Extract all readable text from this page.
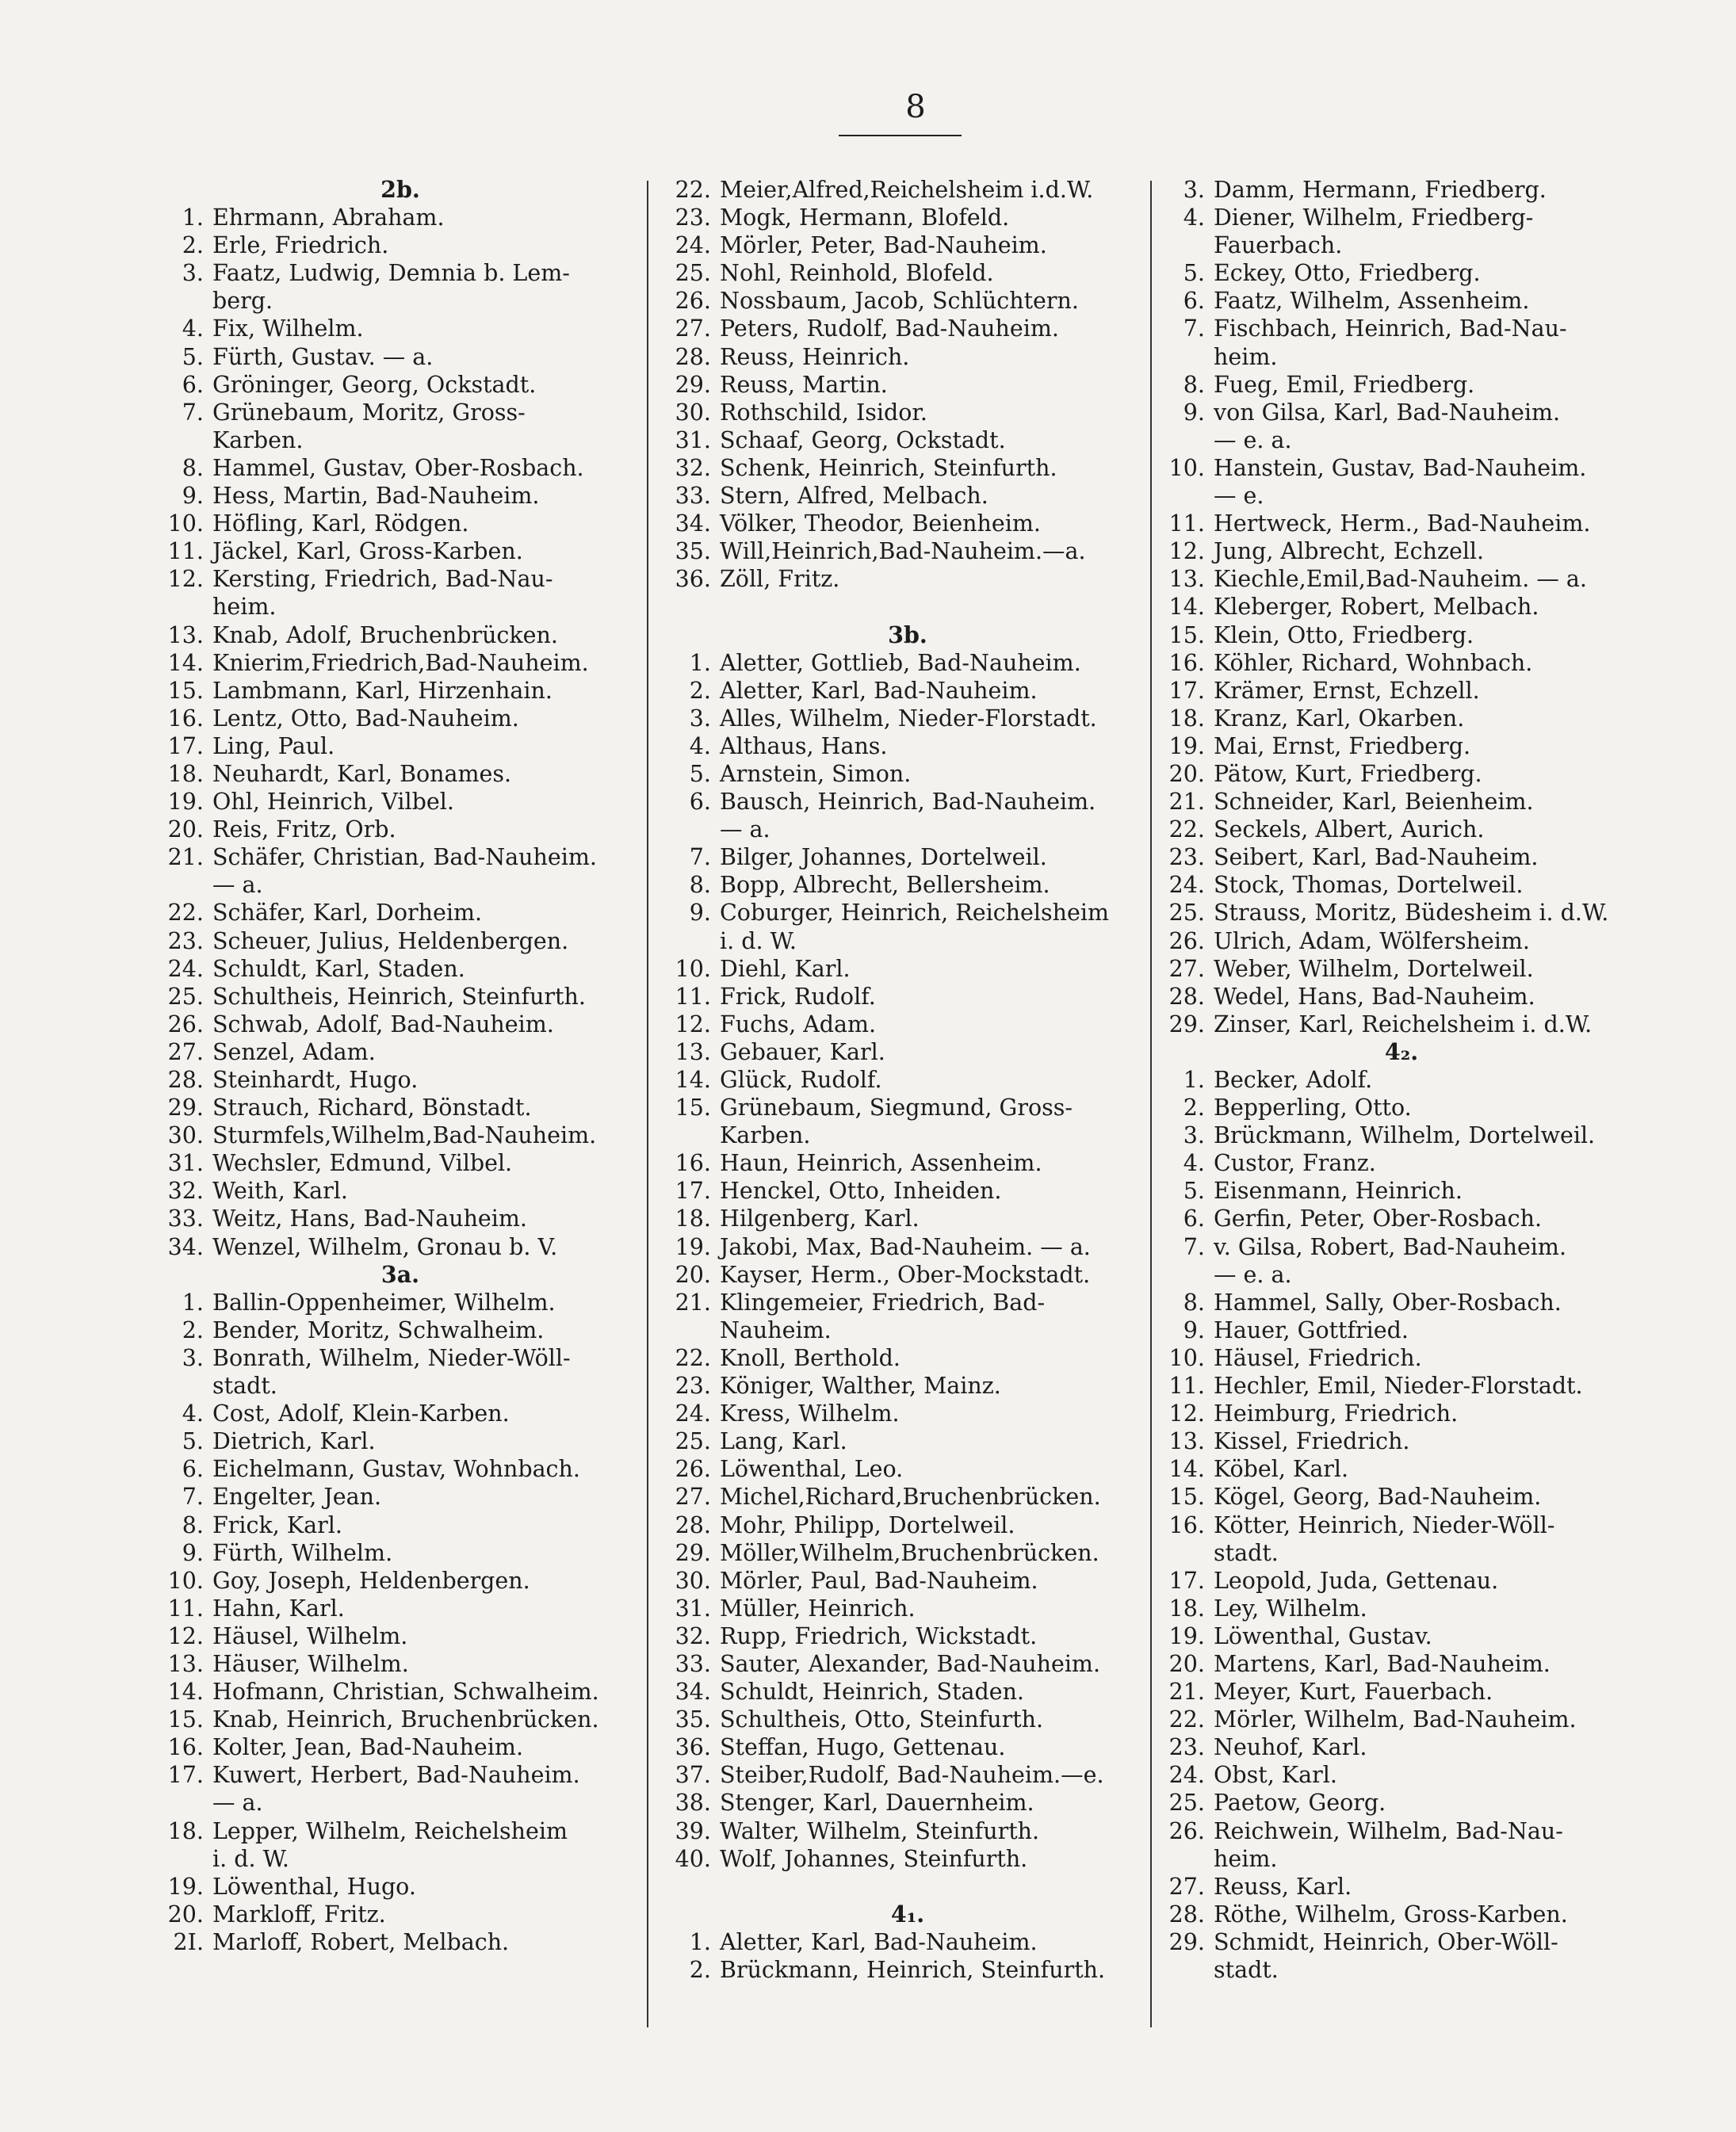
8
2b.
1. Ehrmann, Abraham.
2. Erle, Friedrich.
3. Faatz, Ludwig, Demnia b. Lem-
berg.
4. Fix, Wilhelm.
5. Fürth, Gustav. — a.
6. Gröninger, Georg, Ockstadt.
7. Grünebaum, Moritz, Gross-
Karben.
8. Hammel, Gustav, Ober-Rosbach.
9. Hess, Martin, Bad-Nauheim.
10. Höfling, Karl, Rödgen.
11. Jäckel, Karl, Gross-Karben.
12. Kersting, Friedrich, Bad-Nau-
heim.
13. Knab, Adolf, Bruchenbrücken.
14. Knierim,Friedrich,Bad-Nauheim.
15. Lambmann, Karl, Hirzenhain.
16. Lentz, Otto, Bad-Nauheim.
17. Ling, Paul.
18. Neuhardt, Karl, Bonames.
19. Ohl, Heinrich, Vilbel.
20. Reis, Fritz, Orb.
21. Schäfer, Christian, Bad-Nauheim.
— a.
22. Schäfer, Karl, Dorheim.
23. Scheuer, Julius, Heldenbergen.
24. Schuldt, Karl, Staden.
25. Schultheis, Heinrich, Steinfurth.
26. Schwab, Adolf, Bad-Nauheim.
27. Senzel, Adam.
28. Steinhardt, Hugo.
29. Strauch, Richard, Bönstadt.
30. Sturmfels,Wilhelm,Bad-Nauheim.
31. Wechsler, Edmund, Vilbel.
32. Weith, Karl.
33. Weitz, Hans, Bad-Nauheim.
34. Wenzel, Wilhelm, Gronau b. V.
3a.
1. Ballin-Oppenheimer, Wilhelm.
2. Bender, Moritz, Schwalheim.
3. Bonrath, Wilhelm, Nieder-Wöll-
stadt.
4. Cost, Adolf, Klein-Karben.
5. Dietrich, Karl.
6. Eichelmann, Gustav, Wohnbach.
7. Engelter, Jean.
8. Frick, Karl.
9. Fürth, Wilhelm.
10. Goy, Joseph, Heldenbergen.
11. Hahn, Karl.
12. Häusel, Wilhelm.
13. Häuser, Wilhelm.
14. Hofmann, Christian, Schwalheim.
15. Knab, Heinrich, Bruchenbrücken.
16. Kolter, Jean, Bad-Nauheim.
17. Kuwert, Herbert, Bad-Nauheim.
— a.
18. Lepper, Wilhelm, Reichelsheim
i. d. W.
19. Löwenthal, Hugo.
20. Markloff, Fritz.
2I. Marloff, Robert, Melbach.
22. Meier,Alfred,Reichelsheim i.d.W.
23. Mogk, Hermann, Blofeld.
24. Mörler, Peter, Bad-Nauheim.
25. Nohl, Reinhold, Blofeld.
26. Nossbaum, Jacob, Schlüchtern.
27. Peters, Rudolf, Bad-Nauheim.
28. Reuss, Heinrich.
29. Reuss, Martin.
30. Rothschild, Isidor.
31. Schaaf, Georg, Ockstadt.
32. Schenk, Heinrich, Steinfurth.
33. Stern, Alfred, Melbach.
34. Völker, Theodor, Beienheim.
35. Will,Heinrich,Bad-Nauheim.—a.
36. Zöll, Fritz.
3b.
1. Aletter, Gottlieb, Bad-Nauheim.
2. Aletter, Karl, Bad-Nauheim.
3. Alles, Wilhelm, Nieder-Florstadt.
4. Althaus, Hans.
5. Arnstein, Simon.
6. Bausch, Heinrich, Bad-Nauheim.
— a.
7. Bilger, Johannes, Dortelweil.
8. Bopp, Albrecht, Bellersheim.
9. Coburger, Heinrich, Reichelsheim
i. d. W.
10. Diehl, Karl.
11. Frick, Rudolf.
12. Fuchs, Adam.
13. Gebauer, Karl.
14. Glück, Rudolf.
15. Grünebaum, Siegmund, Gross-
Karben.
16. Haun, Heinrich, Assenheim.
17. Henckel, Otto, Inheiden.
18. Hilgenberg, Karl.
19. Jakobi, Max, Bad-Nauheim. — a.
20. Kayser, Herm., Ober-Mockstadt.
21. Klingemeier, Friedrich, Bad-
Nauheim.
22. Knoll, Berthold.
23. Königer, Walther, Mainz.
24. Kress, Wilhelm.
25. Lang, Karl.
26. Löwenthal, Leo.
27. Michel,Richard,Bruchenbrücken.
28. Mohr, Philipp, Dortelweil.
29. Möller,Wilhelm,Bruchenbrücken.
30. Mörler, Paul, Bad-Nauheim.
31. Müller, Heinrich.
32. Rupp, Friedrich, Wickstadt.
33. Sauter, Alexander, Bad-Nauheim.
34. Schuldt, Heinrich, Staden.
35. Schultheis, Otto, Steinfurth.
36. Steffan, Hugo, Gettenau.
37. Steiber,Rudolf, Bad-Nauheim.—e.
38. Stenger, Karl, Dauernheim.
39. Walter, Wilhelm, Steinfurth.
40. Wolf, Johannes, Steinfurth.
4₁.
1. Aletter, Karl, Bad-Nauheim.
2. Brückmann, Heinrich, Steinfurth.
3. Damm, Hermann, Friedberg.
4. Diener, Wilhelm, Friedberg-
Fauerbach.
5. Eckey, Otto, Friedberg.
6. Faatz, Wilhelm, Assenheim.
7. Fischbach, Heinrich, Bad-Nau-
heim.
8. Fueg, Emil, Friedberg.
9. von Gilsa, Karl, Bad-Nauheim.
— e. a.
10. Hanstein, Gustav, Bad-Nauheim.
— e.
11. Hertweck, Herm., Bad-Nauheim.
12. Jung, Albrecht, Echzell.
13. Kiechle,Emil,Bad-Nauheim. — a.
14. Kleberger, Robert, Melbach.
15. Klein, Otto, Friedberg.
16. Köhler, Richard, Wohnbach.
17. Krämer, Ernst, Echzell.
18. Kranz, Karl, Okarben.
19. Mai, Ernst, Friedberg.
20. Pätow, Kurt, Friedberg.
21. Schneider, Karl, Beienheim.
22. Seckels, Albert, Aurich.
23. Seibert, Karl, Bad-Nauheim.
24. Stock, Thomas, Dortelweil.
25. Strauss, Moritz, Büdesheim i. d.W.
26. Ulrich, Adam, Wölfersheim.
27. Weber, Wilhelm, Dortelweil.
28. Wedel, Hans, Bad-Nauheim.
29. Zinser, Karl, Reichelsheim i. d.W.
4₂.
1. Becker, Adolf.
2. Bepperling, Otto.
3. Brückmann, Wilhelm, Dortelweil.
4. Custor, Franz.
5. Eisenmann, Heinrich.
6. Gerfin, Peter, Ober-Rosbach.
7. v. Gilsa, Robert, Bad-Nauheim.
— e. a.
8. Hammel, Sally, Ober-Rosbach.
9. Hauer, Gottfried.
10. Häusel, Friedrich.
11. Hechler, Emil, Nieder-Florstadt.
12. Heimburg, Friedrich.
13. Kissel, Friedrich.
14. Köbel, Karl.
15. Kögel, Georg, Bad-Nauheim.
16. Kötter, Heinrich, Nieder-Wöll-
stadt.
17. Leopold, Juda, Gettenau.
18. Ley, Wilhelm.
19. Löwenthal, Gustav.
20. Martens, Karl, Bad-Nauheim.
21. Meyer, Kurt, Fauerbach.
22. Mörler, Wilhelm, Bad-Nauheim.
23. Neuhof, Karl.
24. Obst, Karl.
25. Paetow, Georg.
26. Reichwein, Wilhelm, Bad-Nau-
heim.
27. Reuss, Karl.
28. Röthe, Wilhelm, Gross-Karben.
29. Schmidt, Heinrich, Ober-Wöll-
stadt.
